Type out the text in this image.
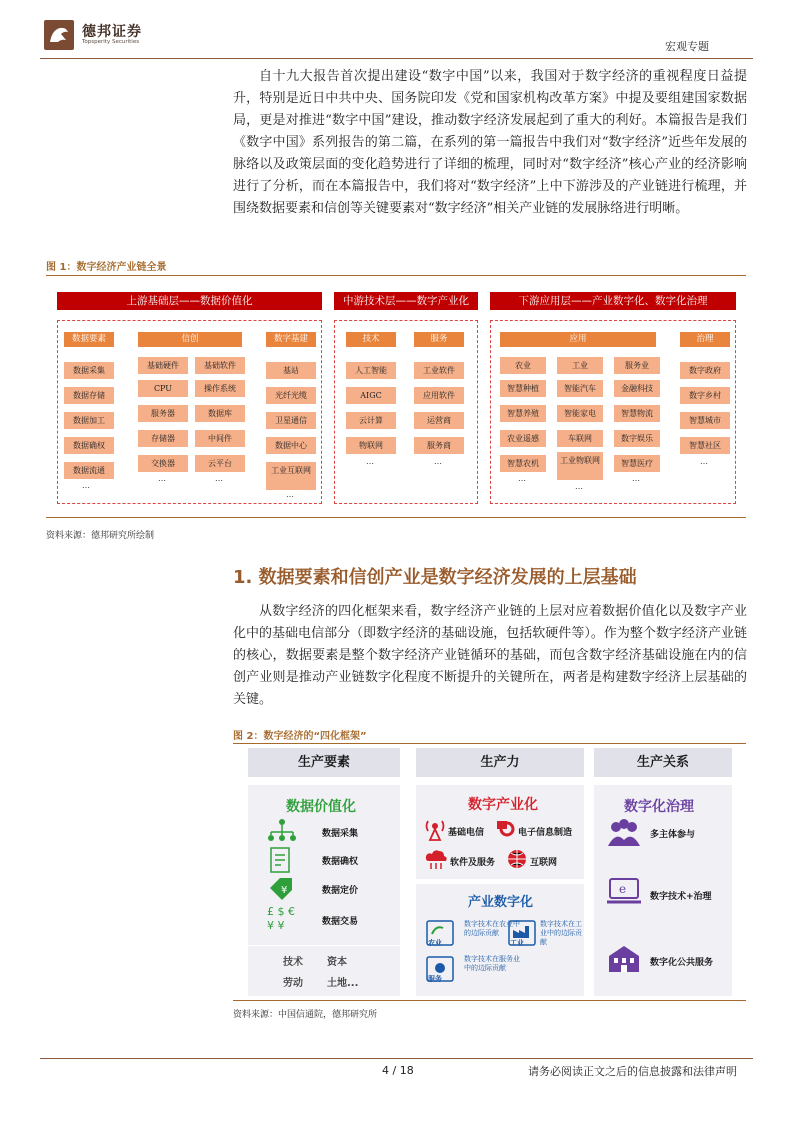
德邦证券
Topsperity Securities	宏观专题
自十九大报告首次提出建设“数字中国”以来，我国对于数字经济的重视程度日益提升，特别是近日中共中央、国务院印发《党和国家机构改革方案》中提及要组建国家数据局，更是对推进“数字中国”建设，推动数字经济发展起到了重大的利好。本篇报告是我们《数字中国》系列报告的第二篇，在系列的第一篇报告中我们对“数字经济”近些年发展的脉络以及政策层面的变化趋势进行了详细的梳理，同时对“数字经济”核心产业的经济影响进行了分析，而在本篇报告中，我们将对“数字经济”上中下游涉及的产业链进行梳理，并围绕数据要素和信创等关键要素对“数字经济”相关产业链的发展脉络进行明晰。
图 1：数字经济产业链全景
上游基础层——数据价值化	中游技术层——数字产业化	下游应用层——产业数字化、数字化治理
数据要素
数据采集
数据存储
数据加工
数据确权
数据流通
…
信创
基础硬件	基础软件
CPU
服务器
存储器
交换器
操作系统
数据库
中间件
云平台
…	…
数字基建
基站
光纤光缆
卫星通信
数据中心
工业互联网
…
技术	服务
人工智能
AIGC
云计算
物联网
工业软件
应用软件
运营商
服务商
…	…
应用	治理
农业	工业	服务业
智慧种植
智慧养殖
农业遥感
智慧农机
智能汽车
智能家电
车联网
工业物联网
金融科技
智慧物流
数字娱乐
智慧医疗
数字政府
数字乡村
智慧城市
智慧社区
…
…
…
…
资料来源：德邦研究所绘制
1. 数据要素和信创产业是数字经济发展的上层基础
从数字经济的四化框架来看，数字经济产业链的上层对应着数据价值化以及数字产业化中的基础电信部分（即数字经济的基础设施，包括软硬件等）。作为整个数字经济产业链的核心，数据要素是整个数字经济产业链循环的基础，而包含数字经济基础设施在内的信创产业则是推动产业链数字化程度不断提升的关键所在，两者是构建数字经济上层基础的关键。
图 2：数字经济的“四化框架”
生产要素	生产力	生产关系
数据价值化
数据采集
数据确权
¥	数据定价
£ $ €
¥ ¥	数据交易
技术 资本
劳动 土地...
数字产业化
基础电信	电子信息制造
软件及服务	互联网
产业数字化
农业
数字技术在农业中的边际贡献
工业
数字技术在工业中的边际贡献
服务
数字技术在服务业中的边际贡献
数字化治理
多主体参与
e
数字技术+治理
数字化公共服务
资料来源：中国信通院，德邦研究所
4 / 18	请务必阅读正文之后的信息披露和法律声明
